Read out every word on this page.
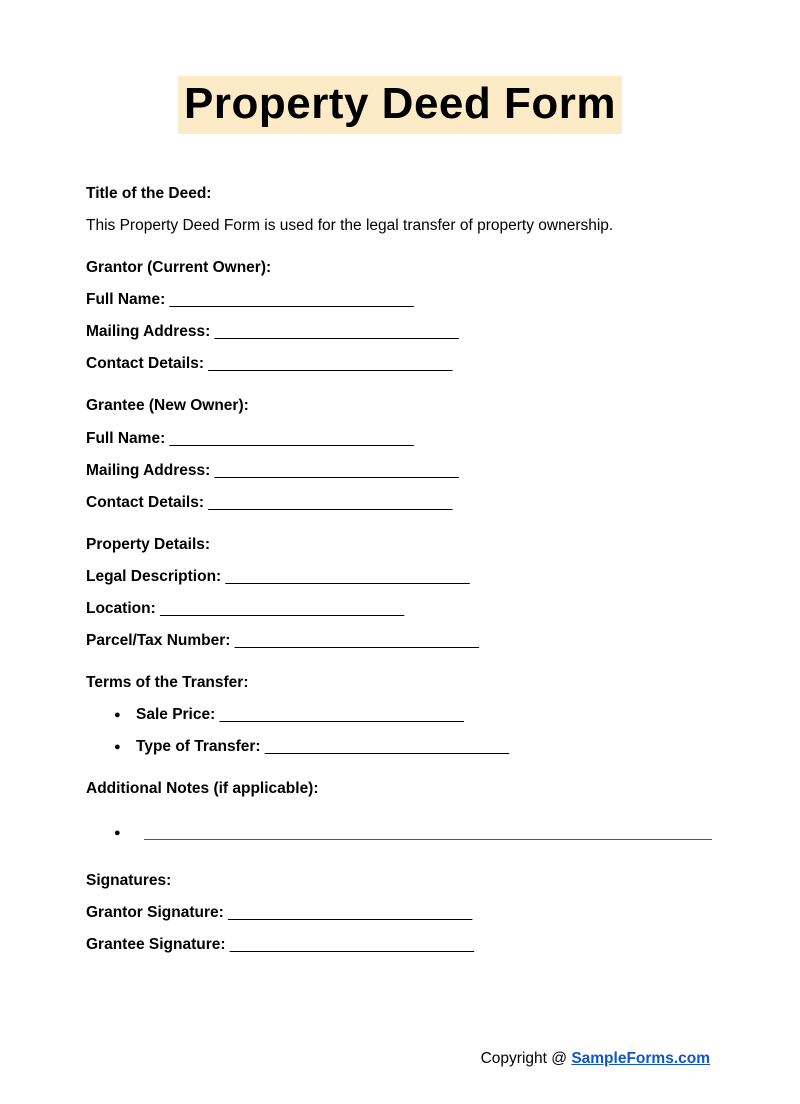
Property Deed Form
Title of the Deed:
This Property Deed Form is used for the legal transfer of property ownership.
Grantor (Current Owner):
Full Name: ______________________________
Mailing Address: ______________________________
Contact Details: ______________________________
Grantee (New Owner):
Full Name: ______________________________
Mailing Address: ______________________________
Contact Details: ______________________________
Property Details:
Legal Description: ______________________________
Location: ______________________________
Parcel/Tax Number: ______________________________
Terms of the Transfer:
● Sale Price: ______________________________
● Type of Transfer: ______________________________
Additional Notes (if applicable):
●
Signatures:
Grantor Signature: ______________________________
Grantee Signature: ______________________________
Copyright @ SampleForms.com
